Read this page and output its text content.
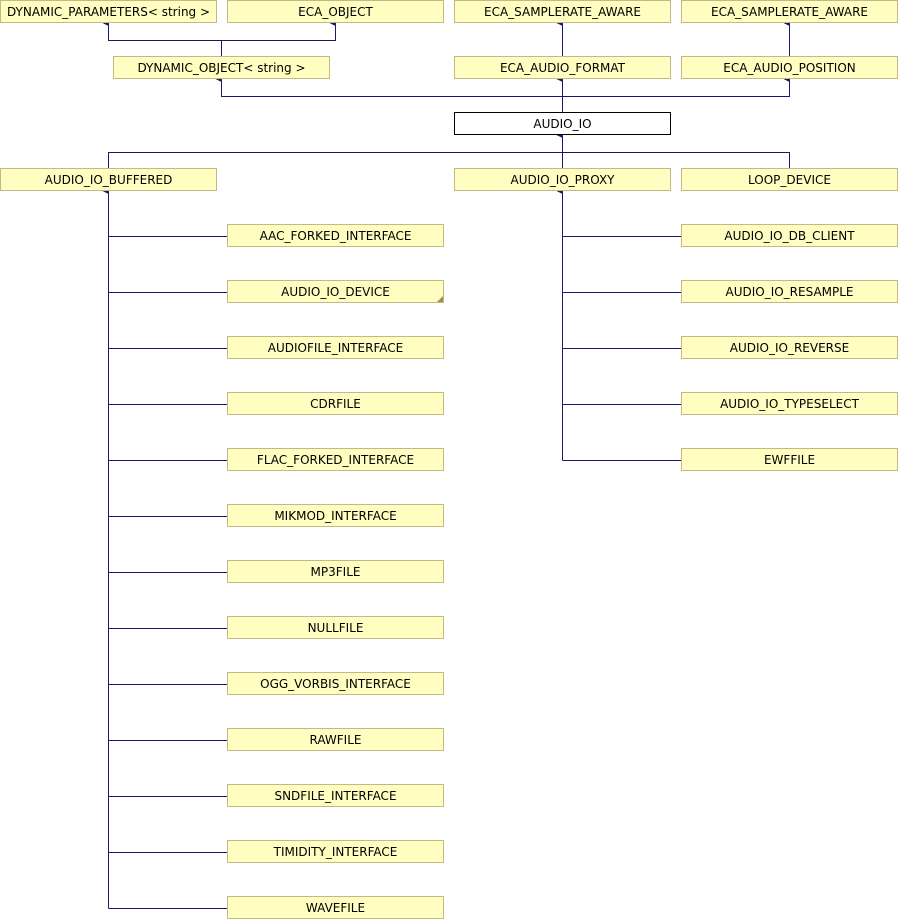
DYNAMIC_PARAMETERS< string >	ECA_OBJECT	ECA_SAMPLERATE_AWARE	ECA_SAMPLERATE_AWARE
DYNAMIC_OBJECT< string >	ECA_AUDIO_FORMAT	ECA_AUDIO_POSITION
AUDIO_IO
AUDIO_IO_BUFFERED	AUDIO_IO_PROXY	LOOP_DEVICE
AAC_FORKED_INTERFACE
AUDIO_IO_DEVICE
AUDIOFILE_INTERFACE
CDRFILE
FLAC_FORKED_INTERFACE
MIKMOD_INTERFACE
MP3FILE
NULLFILE
OGG_VORBIS_INTERFACE
RAWFILE
SNDFILE_INTERFACE
TIMIDITY_INTERFACE
WAVEFILE
AUDIO_IO_DB_CLIENT
AUDIO_IO_RESAMPLE
AUDIO_IO_REVERSE
AUDIO_IO_TYPESELECT
EWFFILE
